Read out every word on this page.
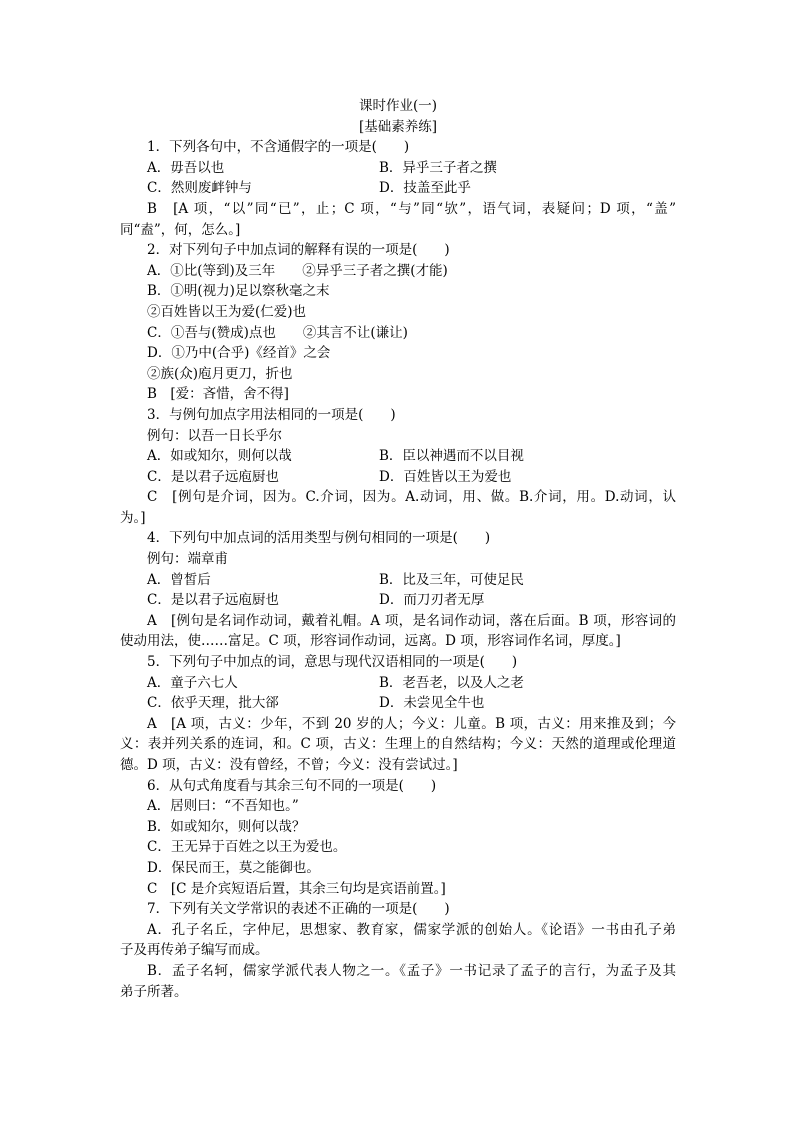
课时作业(一)
[基础素养练]
1．下列各句中，不含通假字的一项是(　　)
A．毋吾以也	B．异乎三子者之撰
C．然则废衅钟与	D．技盖至此乎
B　[A 项，“以”同“已”，止；C 项，“与”同“欤”，语气词，表疑问；D 项，“盖”
同“盍”，何，怎么。]
2．对下列句子中加点词的解释有误的一项是(　　)
A．①比(等到)及三年　　②异乎三子者之撰(才能)
B．①明(视力)足以察秋毫之末
②百姓皆以王为爱(仁爱)也
C．①吾与(赞成)点也　　②其言不让(谦让)
D．①乃中(合乎)《经首》之会
②族(众)庖月更刀，折也
B　[爱：吝惜，舍不得]
3．与例句加点字用法相同的一项是(　　)
例句：以吾一日长乎尔
A．如或知尔，则何以哉	B．臣以神遇而不以目视
C．是以君子远庖厨也	D．百姓皆以王为爱也
C　[例句是介词，因为。C.介词，因为。A.动词，用、做。B.介词，用。D.动词，认
为。]
4．下列句中加点词的活用类型与例句相同的一项是(　　)
例句：端章甫
A．曾皙后	B．比及三年，可使足民
C．是以君子远庖厨也	D．而刀刃者无厚
A　[例句是名词作动词，戴着礼帽。A 项，是名词作动词，落在后面。B 项，形容词的
使动用法，使……富足。C 项，形容词作动词，远离。D 项，形容词作名词，厚度。]
5．下列句子中加点的词，意思与现代汉语相同的一项是(　　)
A．童子六七人	B．老吾老，以及人之老
C．依乎天理，批大郤	D．未尝见全牛也
A　[A 项，古义：少年，不到 20 岁的人；今义：儿童。B 项，古义：用来推及到；今
义：表并列关系的连词，和。C 项，古义：生理上的自然结构；今义：天然的道理或伦理道
德。D 项，古义：没有曾经，不曾；今义：没有尝试过。]
6．从句式角度看与其余三句不同的一项是(　　)
A．居则曰：“不吾知也。”
B．如或知尔，则何以哉？
C．王无异于百姓之以王为爱也。
D．保民而王，莫之能御也。
C　[C 是介宾短语后置，其余三句均是宾语前置。]
7．下列有关文学常识的表述不正确的一项是(　　)
A．孔子名丘，字仲尼，思想家、教育家，儒家学派的创始人。《论语》一书由孔子弟
子及再传弟子编写而成。
B．孟子名轲，儒家学派代表人物之一。《孟子》一书记录了孟子的言行，为孟子及其
弟子所著。
